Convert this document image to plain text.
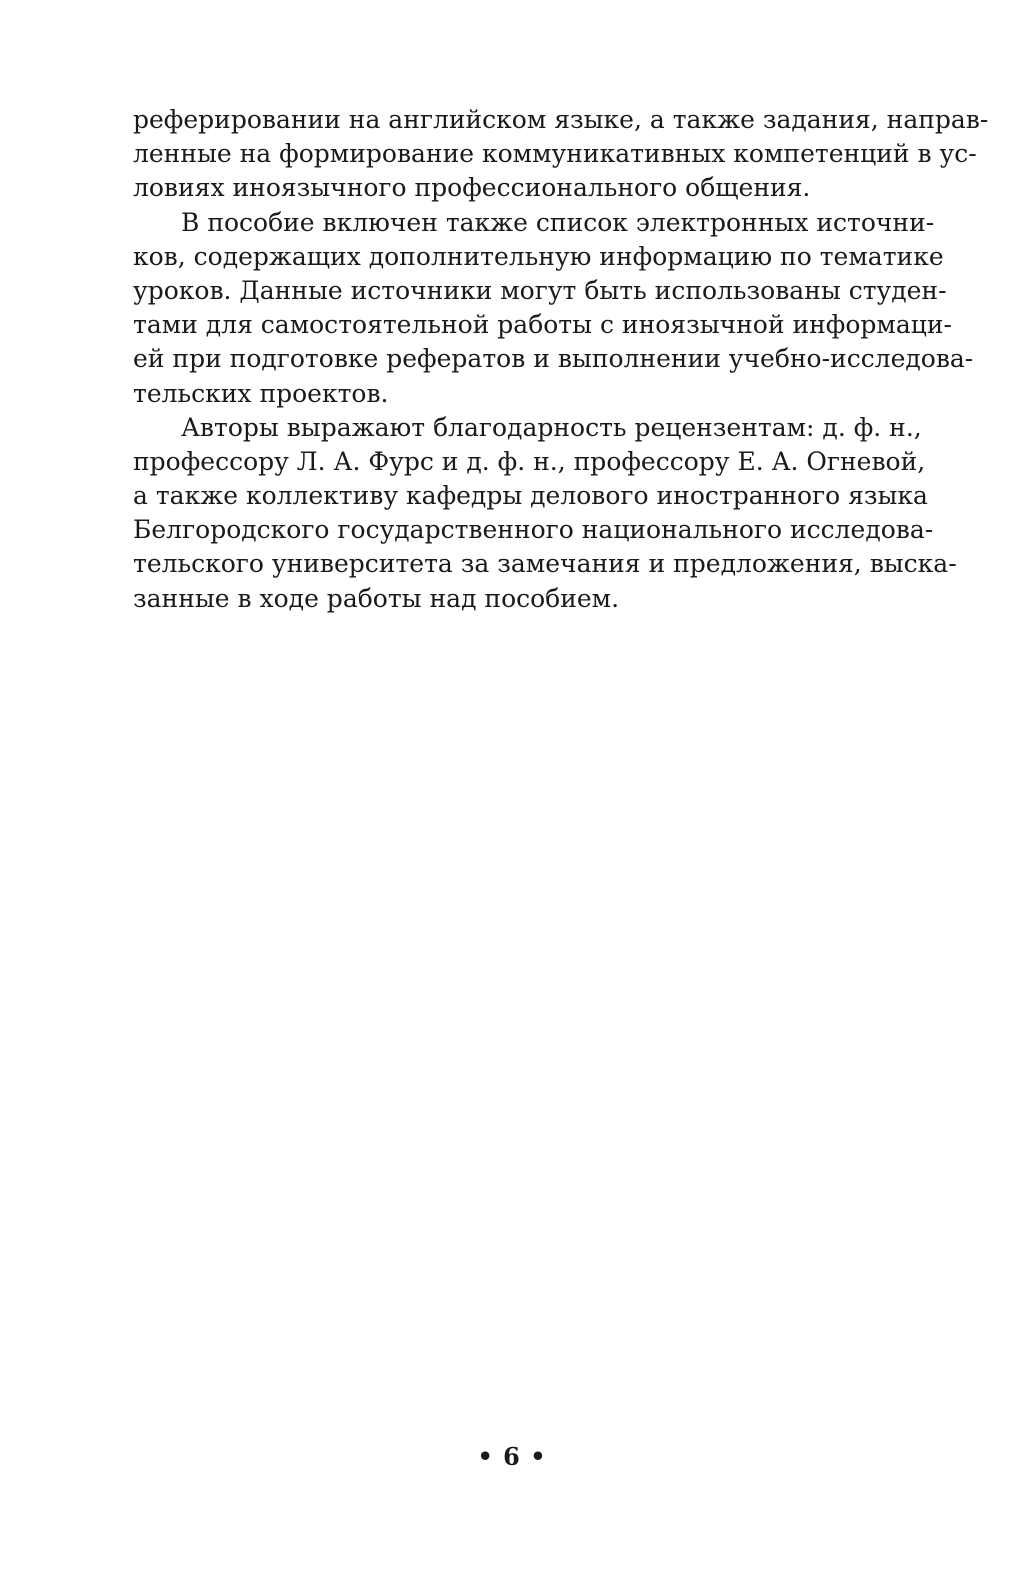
реферировании на английском языке, а также задания, направ-
ленные на формирование коммуникативных компетенций в ус-
ловиях иноязычного профессионального общения.
В пособие включен также список электронных источни-
ков, содержащих дополнительную информацию по тематике
уроков. Данные источники могут быть использованы студен-
тами для самостоятельной работы с иноязычной информаци-
ей при подготовке рефератов и выполнении учебно-исследова-
тельских проектов.
Авторы выражают благодарность рецензентам: д. ф. н.,
профессору Л. А. Фурс и д. ф. н., профессору Е. А. Огневой,
а также коллективу кафедры делового иностранного языка
Белгородского государственного национального исследова-
тельского университета за замечания и предложения, выска-
занные в ходе работы над пособием.
• 6 •
